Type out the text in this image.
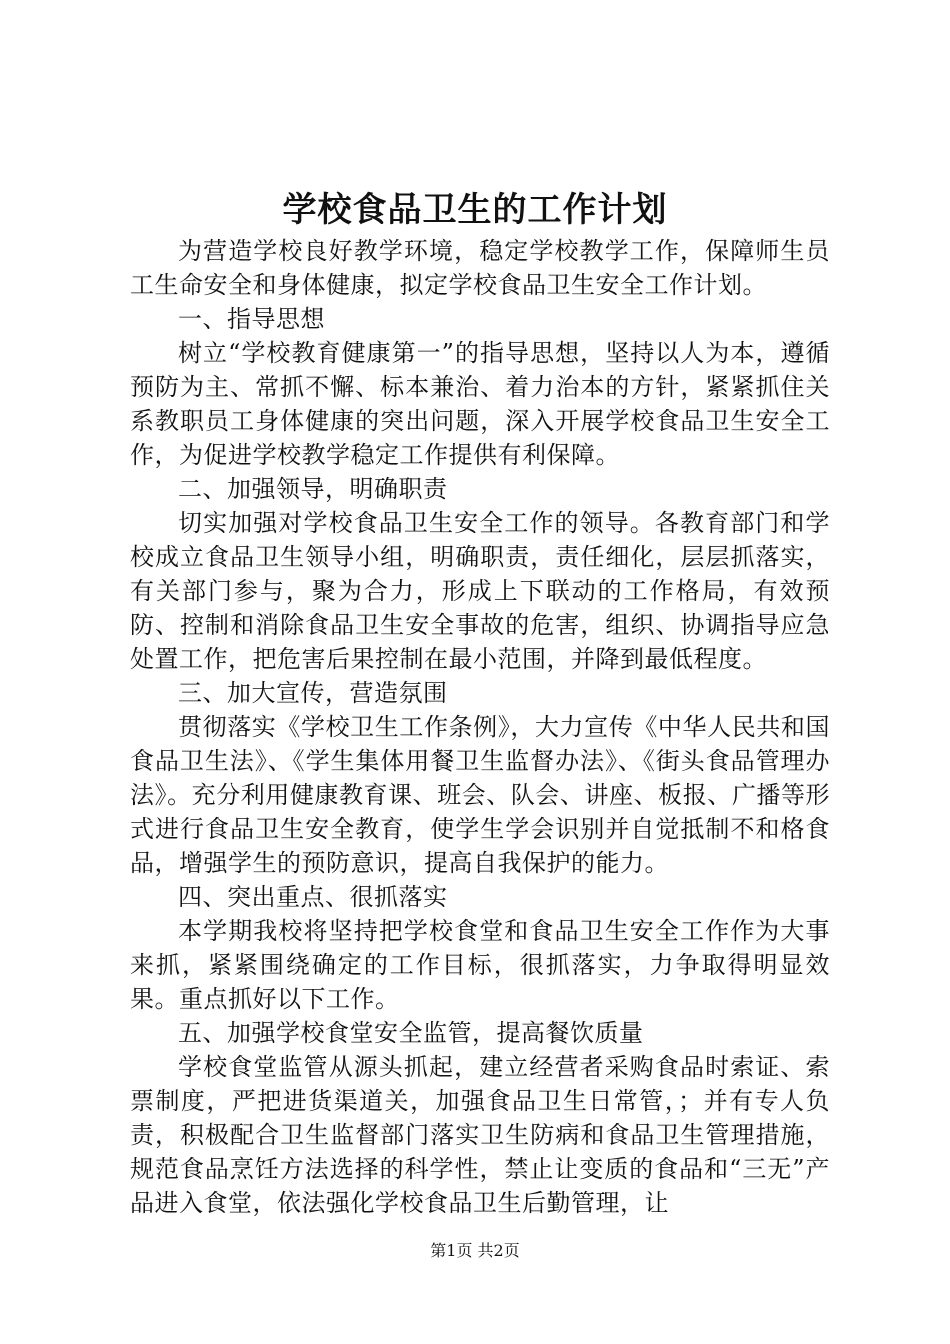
学校食品卫生的工作计划

为营造学校良好教学环境，稳定学校教学工作，保障师生员工生命安全和身体健康，拟定学校食品卫生安全工作计划。

一、指导思想

树立“学校教育健康第一”的指导思想，坚持以人为本，遵循预防为主、常抓不懈、标本兼治、着力治本的方针，紧紧抓住关系教职员工身体健康的突出问题，深入开展学校食品卫生安全工作，为促进学校教学稳定工作提供有利保障。

二、加强领导，明确职责

切实加强对学校食品卫生安全工作的领导。各教育部门和学校成立食品卫生领导小组，明确职责，责任细化，层层抓落实，有关部门参与，聚为合力，形成上下联动的工作格局，有效预防、控制和消除食品卫生安全事故的危害，组织、协调指导应急处置工作，把危害后果控制在最小范围，并降到最低程度。

三、加大宣传，营造氛围

贯彻落实《学校卫生工作条例》，大力宣传《中华人民共和国食品卫生法》、《学生集体用餐卫生监督办法》、《街头食品管理办法》。充分利用健康教育课、班会、队会、讲座、板报、广播等形式进行食品卫生安全教育，使学生学会识别并自觉抵制不和格食品，增强学生的预防意识，提高自我保护的能力。

四、突出重点、很抓落实

本学期我校将坚持把学校食堂和食品卫生安全工作作为大事来抓，紧紧围绕确定的工作目标，很抓落实，力争取得明显效果。重点抓好以下工作。

五、加强学校食堂安全监管，提高餐饮质量

学校食堂监管从源头抓起，建立经营者采购食品时索证、索票制度，严把进货渠道关，加强食品卫生日常管，；并有专人负责，积极配合卫生监督部门落实卫生防病和食品卫生管理措施，规范食品烹饪方法选择的科学性，禁止让变质的食品和“三无”产品进入食堂，依法强化学校食品卫生后勤管理，让

第1页 共2页
